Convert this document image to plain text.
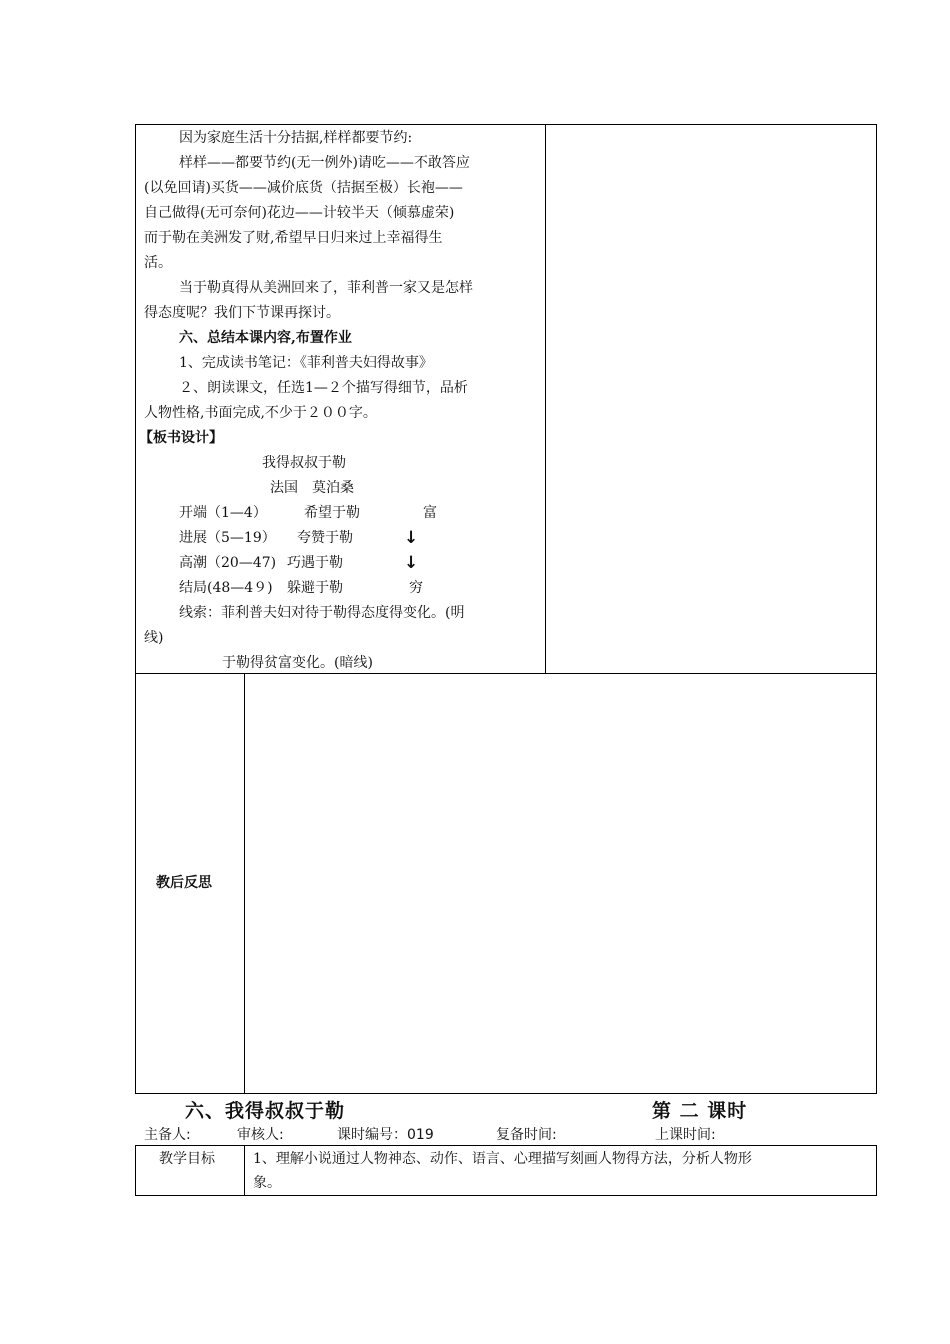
因为家庭生活十分拮据,样样都要节约:
样样——都要节约(无一例外)请吃——不敢答应
(以免回请)买货——减价底货（拮据至极）长袍——
自己做得(无可奈何)花边——计较半天（倾慕虚荣)
而于勒在美洲发了财,希望早日归来过上幸福得生
活。
当于勒真得从美洲回来了，菲利普一家又是怎样
得态度呢？我们下节课再探讨。
六、总结本课内容,布置作业
1、完成读书笔记：《菲利普夫妇得故事》
２、朗读课文，任选1—２个描写得细节，品析
人物性格,书面完成,不少于２００字。
【板书设计】
我得叔叔于勒
法国　莫泊桑
开端（1—4）	希望于勒	富
进展（5—19） 夸赞于勒	↓
高潮（20—47) 巧遇于勒	↓
结局(48—4９) 躲避于勒	穷
线索：菲利普夫妇对待于勒得态度得变化。(明
线)
于勒得贫富变化。(暗线)
教后反思
六、我得叔叔于勒	第 二 课时
主备人:	审核人:	课时编号：019	复备时间:	上课时间:
教学目标	1、理解小说通过人物神态、动作、语言、心理描写刻画人物得方法，分析人物形
象。
